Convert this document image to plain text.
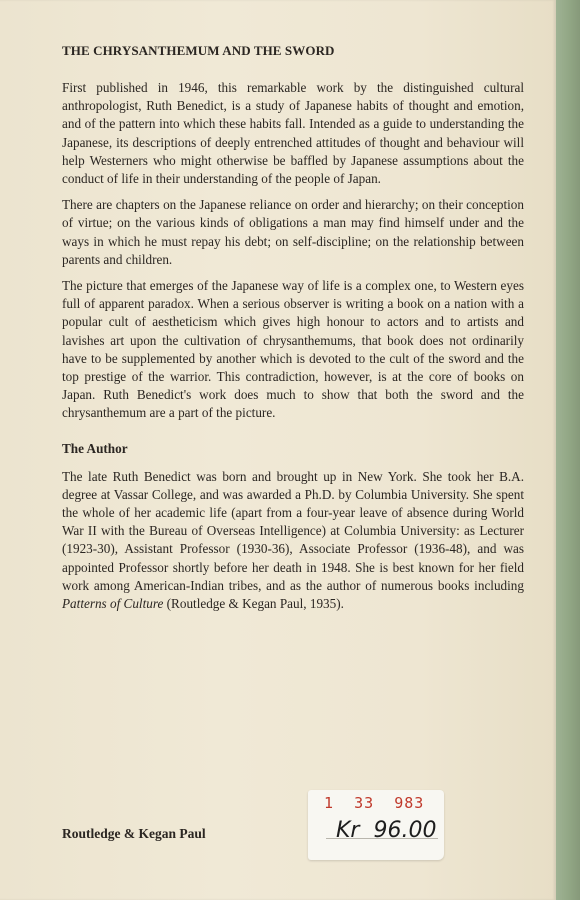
THE CHRYSANTHEMUM AND THE SWORD

First published in 1946, this remarkable work by the distinguished cultural anthropologist, Ruth Benedict, is a study of Japanese habits of thought and emotion, and of the pattern into which these habits fall. Intended as a guide to understanding the Japanese, its descriptions of deeply entrenched attitudes of thought and behaviour will help Westerners who might otherwise be baffled by Japanese assumptions about the conduct of life in their understanding of the people of Japan.

There are chapters on the Japanese reliance on order and hierarchy; on their conception of virtue; on the various kinds of obligations a man may find himself under and the ways in which he must repay his debt; on self-discipline; on the relationship between parents and children.

The picture that emerges of the Japanese way of life is a complex one, to Western eyes full of apparent paradox. When a serious observer is writing a book on a nation with a popular cult of aestheticism which gives high honour to actors and to artists and lavishes art upon the cultivation of chrysanthemums, that book does not ordinarily have to be supplemented by another which is devoted to the cult of the sword and the top prestige of the warrior. This contradiction, however, is at the core of books on Japan. Ruth Benedict's work does much to show that both the sword and the chrysanthemum are a part of the picture.

The Author

The late Ruth Benedict was born and brought up in New York. She took her B.A. degree at Vassar College, and was awarded a Ph.D. by Columbia University. She spent the whole of her academic life (apart from a four-year leave of absence during World War II with the Bureau of Overseas Intelligence) at Columbia University: as Lecturer (1923-30), Assistant Professor (1930-36), Associate Professor (1936-48), and was appointed Professor shortly before her death in 1948. She is best known for her field work among American-Indian tribes, and as the author of numerous books including Patterns of Culture (Routledge & Kegan Paul, 1935).

Routledge & Kegan Paul
1  33  983
Kr  96.00
